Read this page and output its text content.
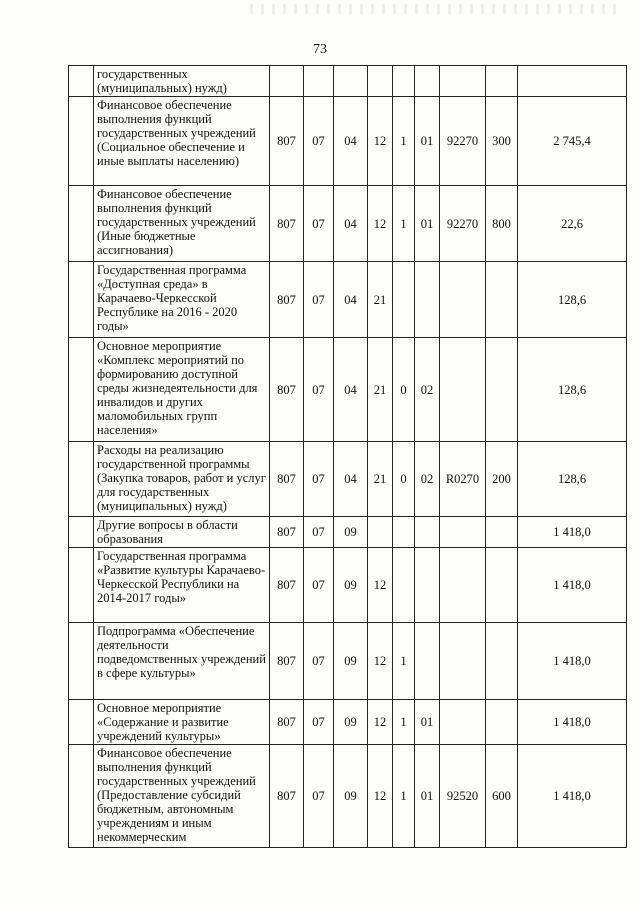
73
	государственных (муниципальных) нужд)									
	Финансовое обеспечение выполнения функций государственных учреждений (Социальное обеспечение и иные выплаты населению)	807	07	04	12	1	01	92270	300	2 745,4
	Финансовое обеспечение выполнения функций государственных учреждений (Иные бюджетные ассигнования)	807	07	04	12	1	01	92270	800	22,6
	Государственная программа «Доступная среда» в Карачаево-Черкесской Республике на 2016 - 2020 годы»	807	07	04	21					128,6
	Основное мероприятие «Комплекс мероприятий по формированию доступной среды жизнедеятельности для инвалидов и других маломобильных групп населения»	807	07	04	21	0	02			128,6
	Расходы на реализацию государственной программы (Закупка товаров, работ и услуг для государственных (муниципальных) нужд)	807	07	04	21	0	02	R0270	200	128,6
	Другие вопросы в области образования	807	07	09						1 418,0
	Государственная программа «Развитие культуры Карачаево-Черкесской Республики на 2014-2017 годы»	807	07	09	12					1 418,0
	Подпрограмма «Обеспечение деятельности подведомственных учреждений в сфере культуры»	807	07	09	12	1				1 418,0
	Основное мероприятие «Содержание и развитие учреждений культуры»	807	07	09	12	1	01			1 418,0
	Финансовое обеспечение выполнения функций государственных учреждений (Предоставление субсидий бюджетным, автономным учреждениям и иным некоммерческим	807	07	09	12	1	01	92520	600	1 418,0
